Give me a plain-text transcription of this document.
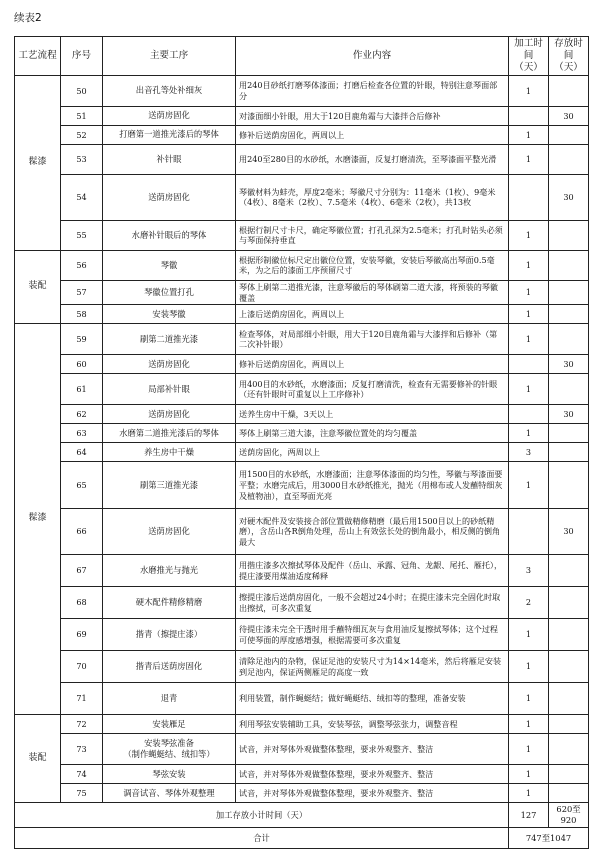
续表2
工艺流程	序号	主要工序	作业内容	加工时间（天）	存放时间（天）
髹漆	50	出音孔等处补细灰	用240目砂纸打磨琴体漆面；打磨后检查各位置的针眼，特别注意琴面部分	1	
	51	送荫房固化	对漆面细小针眼，用大于120目鹿角霜与大漆拌合后修补		30
	52	打磨第一道推光漆后的琴体	修补后送荫房固化，两周以上	1	
	53	补针眼	用240至280目的水砂纸，水磨漆面，反复打磨清洗，至琴漆面平整光滑	1	
	54	送荫房固化	琴徽材料为蚌壳，厚度2毫米；琴徽尺寸分别为：11毫米（1枚）、9毫米（4枚）、8毫米（2枚）、7.5毫米（4枚）、6毫米（2枚），共13枚		30
	55	水磨补针眼后的琴体	根据行制尺寸卡尺，确定琴徽位置；打孔孔深为2.5毫米；打孔时钻头必须与琴面保持垂直	1	
装配	56	琴徽	根据形制徽位标尺定出徽位位置，安装琴徽，安装后琴徽高出琴面0.5毫米，为之后的漆面工序预留尺寸	1	
	57	琴徽位置打孔	琴体上刷第二道推光漆，注意琴徽后的琴体刷第二道大漆，将预装的琴徽覆盖	1	
	58	安装琴徽	上漆后送荫房固化，两周以上	1	
髹漆	59	刷第二道推光漆	检查琴体，对局部细小针眼，用大于120目鹿角霜与大漆拌和后修补（第二次补针眼）	1	
	60	送荫房固化	修补后送荫房固化，两周以上		30
	61	局部补针眼	用400目的水砂纸，水磨漆面；反复打磨清洗，检查有无需要修补的针眼（还有针眼时可重复以上工序修补）	1	
	62	送荫房固化	送养生房中干燥，3天以上		30
	63	水磨第二道推光漆后的琴体	琴体上刷第三道大漆，注意琴徽位置处的均匀覆盖	1	
	64	养生房中干燥	送荫房固化，两周以上	3	
	65	刷第三道推光漆	用1500目的水砂纸，水磨漆面；注意琴体漆面的均匀性，琴徽与琴漆面要平整；水磨完成后，用3000目水砂纸推光，抛光（用棉布或人发蘸特细灰及植物油），直至琴面光亮	1	
	66	送荫房固化	对硬木配件及安装接合部位置做精修精磨（最后用1500目以上的砂纸精磨），含岳山各R倒角处理，岳山上有效弦长处的倒角最小，相反侧的倒角最大		30
	67	水磨推光与抛光	用揩庄漆多次擦拭琴体及配件（岳山、承露、冠角、龙龈、尾托、雁托），提庄漆要用煤油适度稀释	3	
	68	硬木配件精修精磨	擦提庄漆后送荫房固化，一般不会超过24小时；在提庄漆未完全固化时取出擦拭，可多次重复	2	
	69	揩青（擦提庄漆）	待提庄漆未完全干透时用手蘸特细瓦灰与食用油反复擦拭琴体；这个过程可使琴面的厚度感增强，根据需要可多次重复	1	
	70	揩青后送荫房固化	清除足池内的杂物，保证足池的安装尺寸为14×14毫米，然后将雁足安装到足池内，保证两侧雁足的高度一致	1	
	71	退青	利用装置，制作蝇蜓结；做好蝇蜓结、绒扣等的整理，准备安装	1	
装配	72	安装雁足	利用琴弦安装辅助工具，安装琴弦，调整琴弦张力，调整音程	1	
	73	安装琴弦准备
（制作蝇蜓结、绒扣等）	试音，并对琴体外观做整体整理，要求外观整齐、整洁	1	
	74	琴弦安装	试音，并对琴体外观做整体整理，要求外观整齐、整洁	1	
	75	调音试音、琴体外观整理	试音，并对琴体外观做整体整理，要求外观整齐、整洁	1	
加工存放小计时间（天）				127	620至920
合计				747至1047	
